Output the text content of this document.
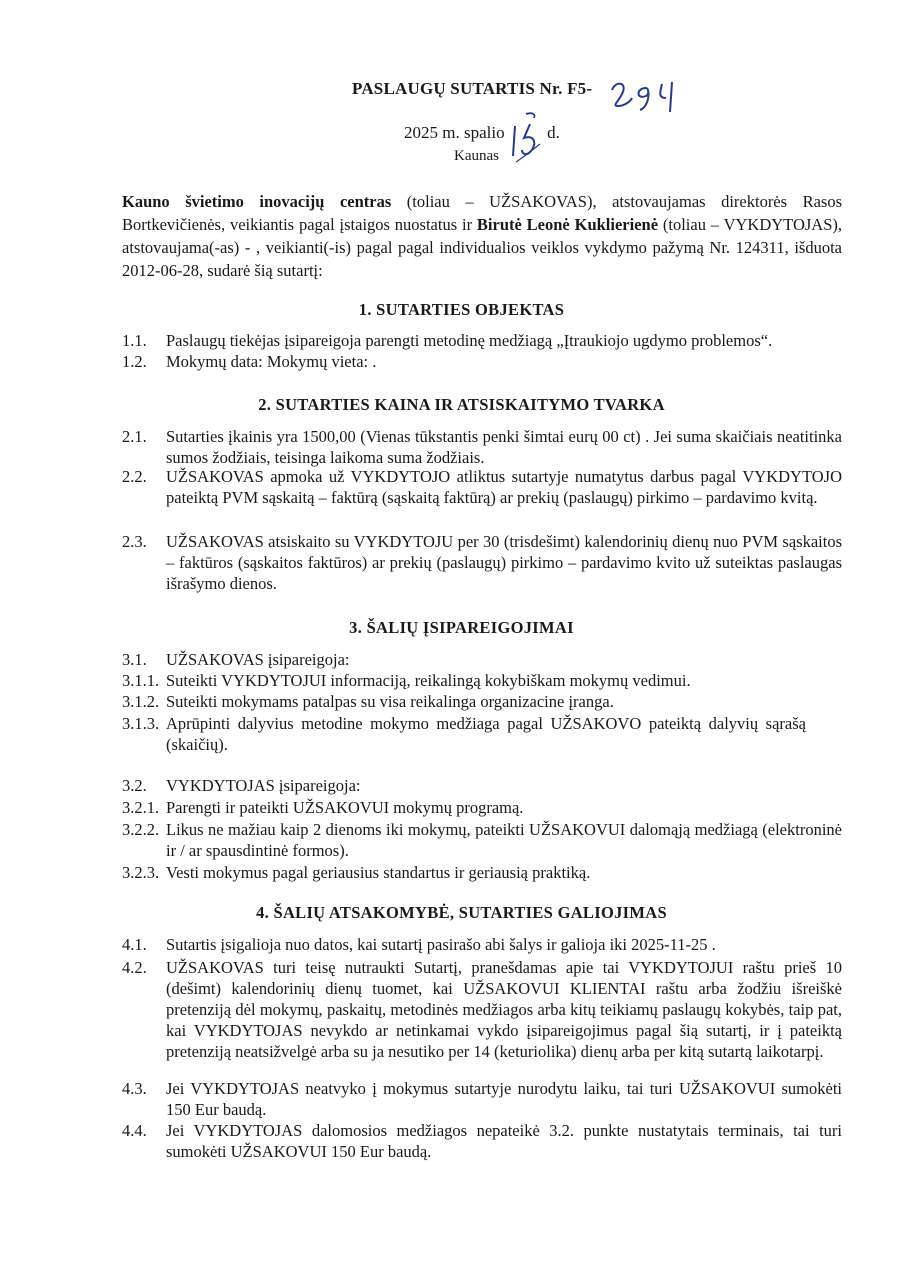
PASLAUGŲ SUTARTIS Nr. F5-
2025 m. spalio	d.
Kaunas
Kauno švietimo inovacijų centras (toliau – UŽSAKOVAS), atstovaujamas direktorės Rasos Bortkevičienės, veikiantis pagal įstaigos nuostatus ir Birutė Leonė Kuklierienė (toliau – VYKDYTOJAS), atstovaujama(-as) - , veikianti(-is) pagal pagal individualios veiklos vykdymo pažymą Nr. 124311, išduota 2012-06-28, sudarė šią sutartį:
1. SUTARTIES OBJEKTAS
1.1. Paslaugų tiekėjas įsipareigoja parengti metodinę medžiagą „Įtraukiojo ugdymo problemos“.
1.2. Mokymų data: Mokymų vieta: .
2. SUTARTIES KAINA IR ATSISKAITYMO TVARKA
2.1. Sutarties įkainis yra 1500,00 (Vienas tūkstantis penki šimtai eurų 00 ct) . Jei suma skaičiais neatitinka sumos žodžiais, teisinga laikoma suma žodžiais.
2.2. UŽSAKOVAS apmoka už VYKDYTOJO atliktus sutartyje numatytus darbus pagal VYKDYTOJO pateiktą PVM sąskaitą – faktūrą (sąskaitą faktūrą) ar prekių (paslaugų) pirkimo – pardavimo kvitą.
2.3. UŽSAKOVAS atsiskaito su VYKDYTOJU per 30 (trisdešimt) kalendorinių dienų nuo PVM sąskaitos – faktūros (sąskaitos faktūros) ar prekių (paslaugų) pirkimo – pardavimo kvito už suteiktas paslaugas išrašymo dienos.
3. ŠALIŲ ĮSIPAREIGOJIMAI
3.1. UŽSAKOVAS įsipareigoja:
3.1.1. Suteikti VYKDYTOJUI informaciją, reikalingą kokybiškam mokymų vedimui.
3.1.2. Suteikti mokymams patalpas su visa reikalinga organizacine įranga.
3.1.3. Aprūpinti dalyvius metodine mokymo medžiaga pagal UŽSAKOVO pateiktą dalyvių sąrašą (skaičių).
3.2. VYKDYTOJAS įsipareigoja:
3.2.1. Parengti ir pateikti UŽSAKOVUI mokymų programą.
3.2.2. Likus ne mažiau kaip 2 dienoms iki mokymų, pateikti UŽSAKOVUI dalomąją medžiagą (elektroninė ir / ar spausdintinė formos).
3.2.3. Vesti mokymus pagal geriausius standartus ir geriausią praktiką.
4. ŠALIŲ ATSAKOMYBĖ, SUTARTIES GALIOJIMAS
4.1. Sutartis įsigalioja nuo datos, kai sutartį pasirašo abi šalys ir galioja iki 2025-11-25 .
4.2. UŽSAKOVAS turi teisę nutraukti Sutartį, pranešdamas apie tai VYKDYTOJUI raštu prieš 10 (dešimt) kalendorinių dienų tuomet, kai UŽSAKOVUI KLIENTAI raštu arba žodžiu išreiškė pretenziją dėl mokymų, paskaitų, metodinės medžiagos arba kitų teikiamų paslaugų kokybės, taip pat, kai VYKDYTOJAS nevykdo ar netinkamai vykdo įsipareigojimus pagal šią sutartį, ir į pateiktą pretenziją neatsižvelgė arba su ja nesutiko per 14 (keturiolika) dienų arba per kitą sutartą laikotarpį.
4.3. Jei VYKDYTOJAS neatvyko į mokymus sutartyje nurodytu laiku, tai turi UŽSAKOVUI sumokėti 150 Eur baudą.
4.4. Jei VYKDYTOJAS dalomosios medžiagos nepateikė 3.2. punkte nustatytais terminais, tai turi sumokėti UŽSAKOVUI 150 Eur baudą.
